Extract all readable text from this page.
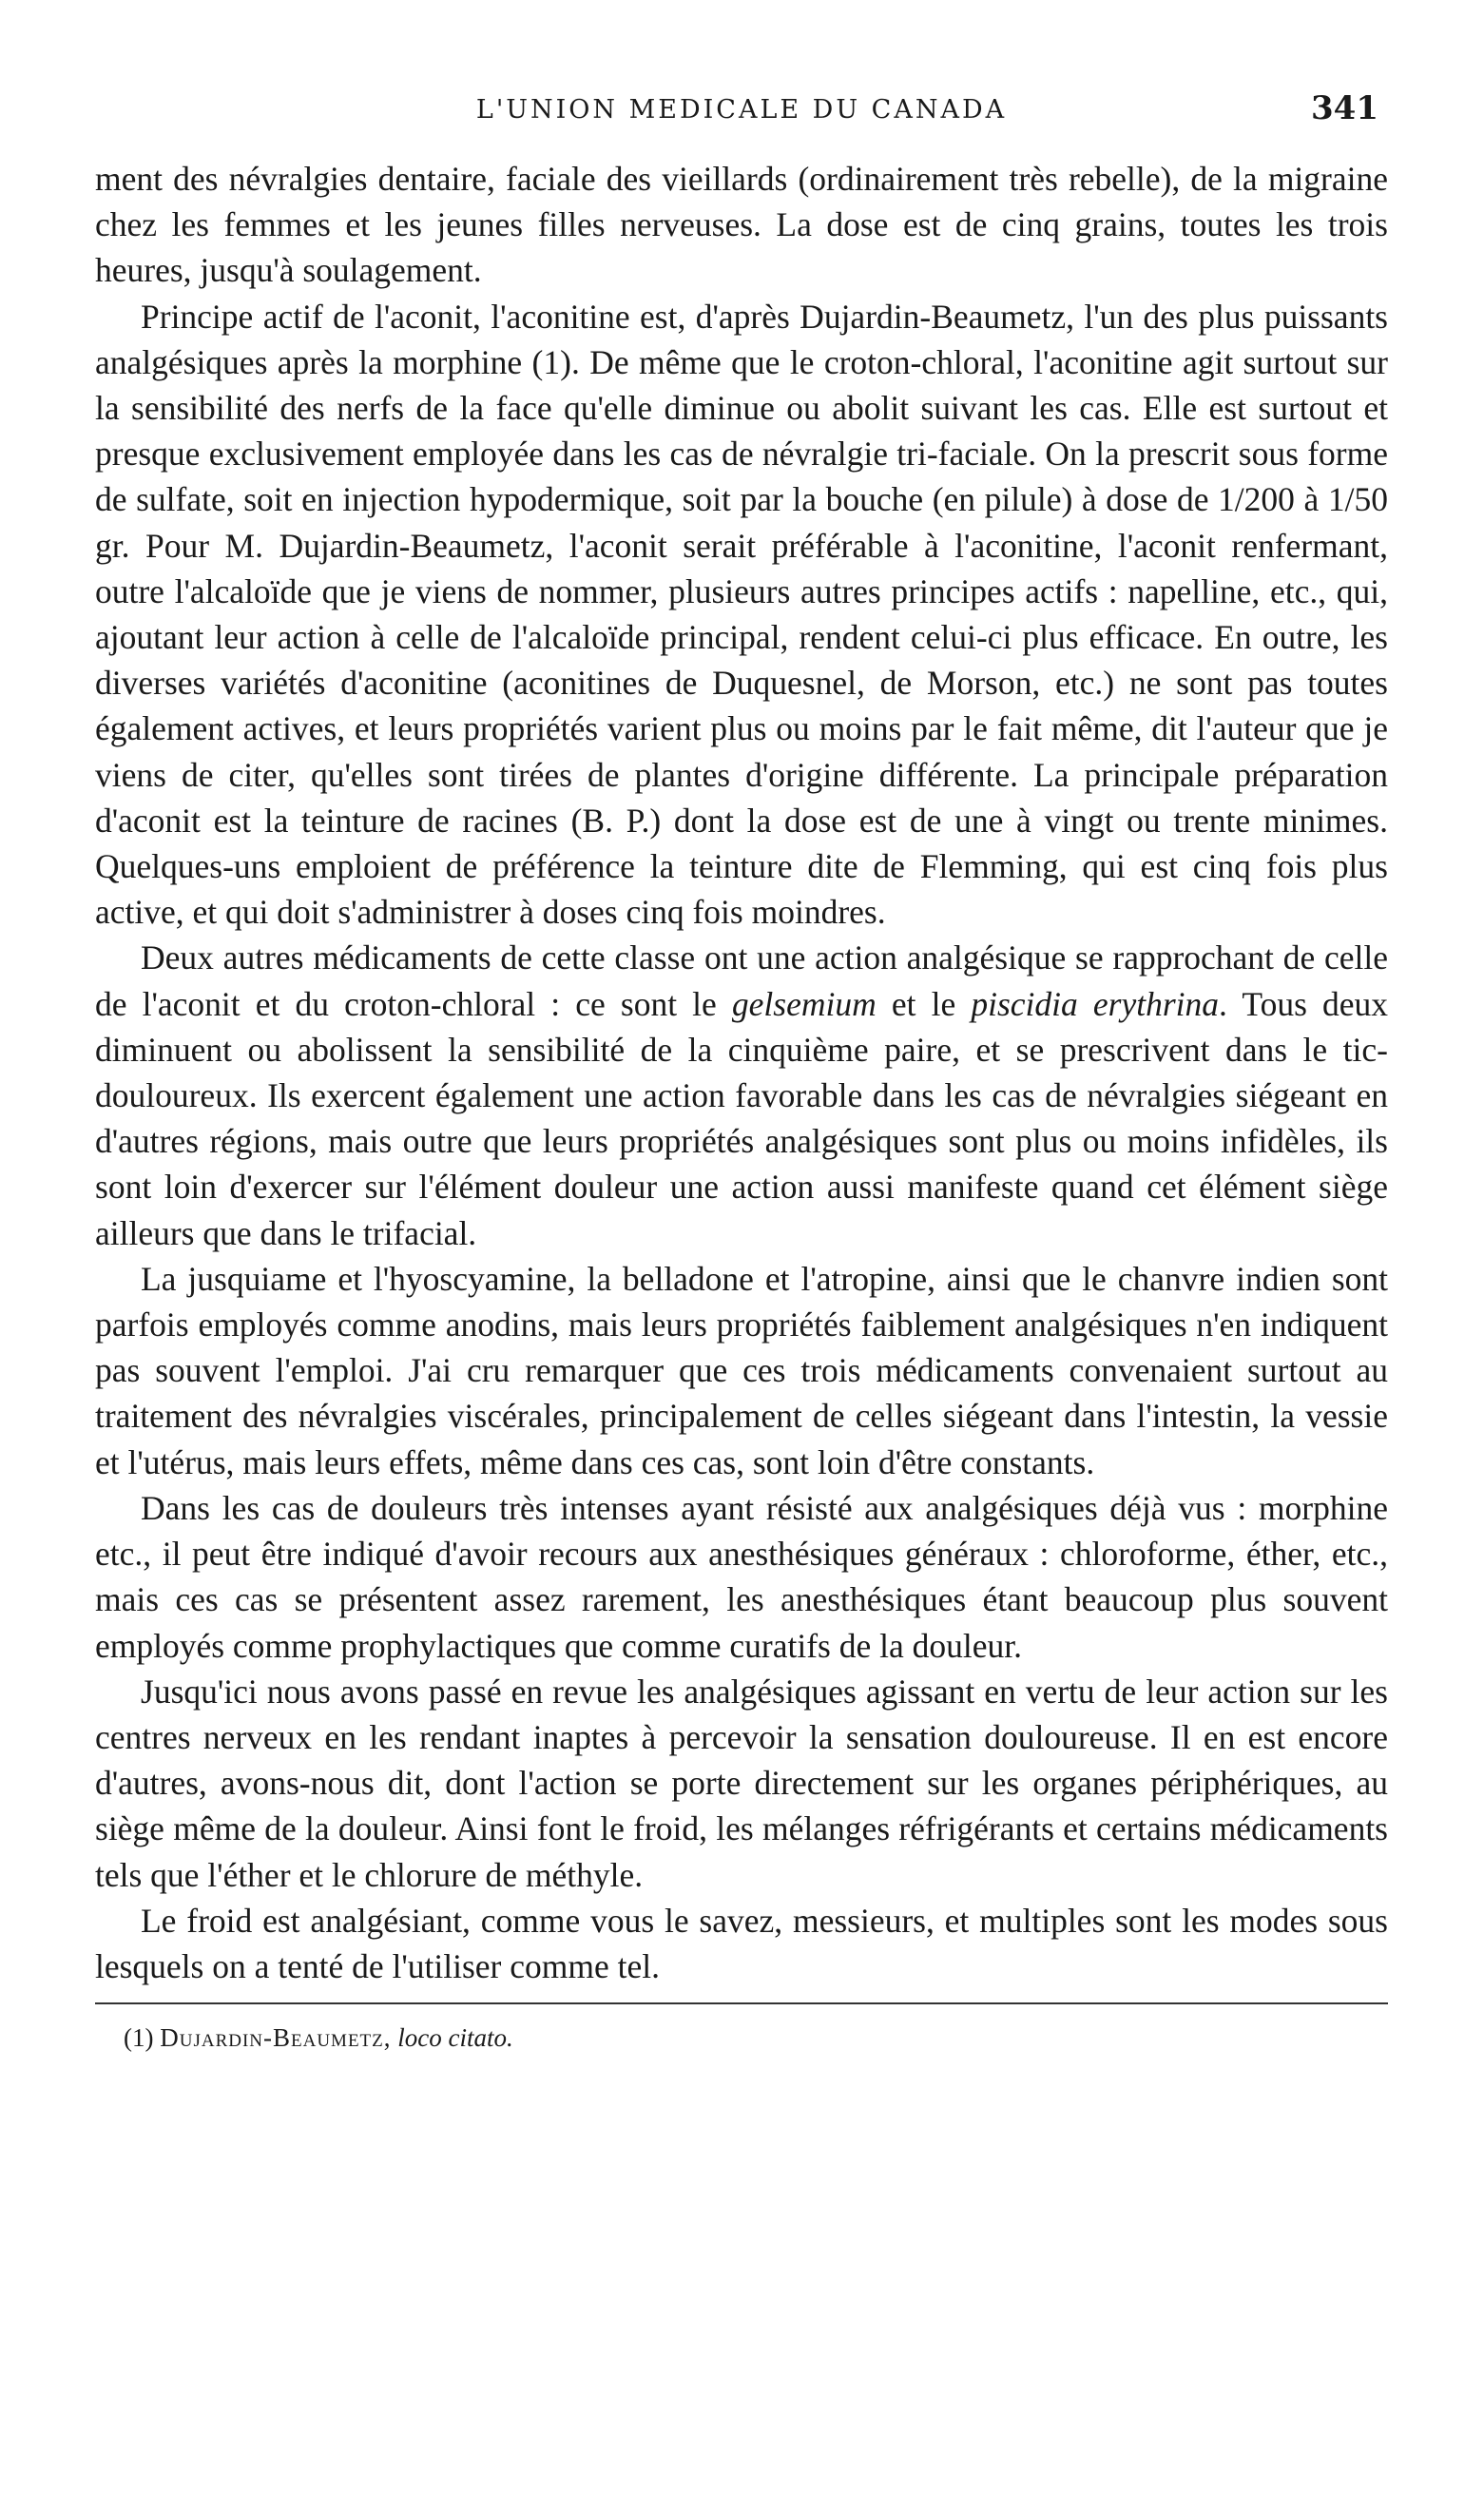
L'UNION MEDICALE DU CANADA	341

ment des névralgies dentaire, faciale des vieillards (ordinairement très rebelle), de la migraine chez les femmes et les jeunes filles nerveuses. La dose est de cinq grains, toutes les trois heures, jusqu'à soulagement.

Principe actif de l'aconit, l'aconitine est, d'après Dujardin-Beaumetz, l'un des plus puissants analgésiques après la morphine (1). De même que le croton-chloral, l'aconitine agit surtout sur la sensibilité des nerfs de la face qu'elle diminue ou abolit suivant les cas. Elle est surtout et presque exclusivement employée dans les cas de névralgie tri-faciale. On la prescrit sous forme de sulfate, soit en injection hypodermique, soit par la bouche (en pilule) à dose de 1/200 à 1/50 gr. Pour M. Dujardin-Beaumetz, l'aconit serait préférable à l'aconitine, l'aconit renfermant, outre l'alcaloïde que je viens de nommer, plusieurs autres principes actifs : napelline, etc., qui, ajoutant leur action à celle de l'alcaloïde principal, rendent celui-ci plus efficace. En outre, les diverses variétés d'aconitine (aconitines de Duquesnel, de Morson, etc.) ne sont pas toutes également actives, et leurs propriétés varient plus ou moins par le fait même, dit l'auteur que je viens de citer, qu'elles sont tirées de plantes d'origine différente. La principale préparation d'aconit est la teinture de racines (B. P.) dont la dose est de une à vingt ou trente minimes. Quelques-uns emploient de préférence la teinture dite de Flemming, qui est cinq fois plus active, et qui doit s'administrer à doses cinq fois moindres.

Deux autres médicaments de cette classe ont une action analgésique se rapprochant de celle de l'aconit et du croton-chloral : ce sont le gelsemium et le piscidia erythrina. Tous deux diminuent ou abolissent la sensibilité de la cinquième paire, et se prescrivent dans le tic-douloureux. Ils exercent également une action favorable dans les cas de névralgies siégeant en d'autres régions, mais outre que leurs propriétés analgésiques sont plus ou moins infidèles, ils sont loin d'exercer sur l'élément douleur une action aussi manifeste quand cet élément siège ailleurs que dans le trifacial.

La jusquiame et l'hyoscyamine, la belladone et l'atropine, ainsi que le chanvre indien sont parfois employés comme anodins, mais leurs propriétés faiblement analgésiques n'en indiquent pas souvent l'emploi. J'ai cru remarquer que ces trois médicaments convenaient surtout au traitement des névralgies viscérales, principalement de celles siégeant dans l'intestin, la vessie et l'utérus, mais leurs effets, même dans ces cas, sont loin d'être constants.

Dans les cas de douleurs très intenses ayant résisté aux analgésiques déjà vus : morphine etc., il peut être indiqué d'avoir recours aux anesthésiques généraux : chloroforme, éther, etc., mais ces cas se présentent assez rarement, les anesthésiques étant beaucoup plus souvent employés comme prophylactiques que comme curatifs de la douleur.

Jusqu'ici nous avons passé en revue les analgésiques agissant en vertu de leur action sur les centres nerveux en les rendant inaptes à percevoir la sensation douloureuse. Il en est encore d'autres, avons-nous dit, dont l'action se porte directement sur les organes périphériques, au siège même de la douleur. Ainsi font le froid, les mélanges réfrigérants et certains médicaments tels que l'éther et le chlorure de méthyle.

Le froid est analgésiant, comme vous le savez, messieurs, et multiples sont les modes sous lesquels on a tenté de l'utiliser comme tel.

(1) Dujardin-Beaumetz, loco citato.
